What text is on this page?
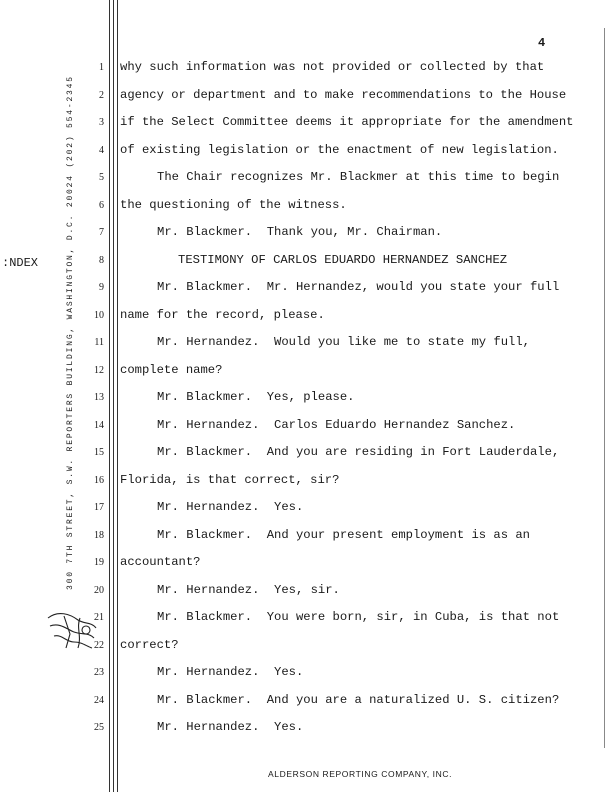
4
:NDEX	300 7TH STREET, S.W. REPORTERS BUILDING, WASHINGTON, D.C. 20024 (202) 554-2345
1 why such information was not provided or collected by that
2 agency or department and to make recommendations to the House
3 if the Select Committee deems it appropriate for the amendment
4 of existing legislation or the enactment of new legislation.
5	The Chair recognizes Mr. Blackmer at this time to begin
6 the questioning of the witness.
7	Mr. Blackmer.  Thank you, Mr. Chairman.
8	TESTIMONY OF CARLOS EDUARDO HERNANDEZ SANCHEZ
9	Mr. Blackmer.  Mr. Hernandez, would you state your full
10 name for the record, please.
11	Mr. Hernandez.  Would you like me to state my full,
12 complete name?
13	Mr. Blackmer.  Yes, please.
14	Mr. Hernandez.  Carlos Eduardo Hernandez Sanchez.
15	Mr. Blackmer.  And you are residing in Fort Lauderdale,
16 Florida, is that correct, sir?
17	Mr. Hernandez.  Yes.
18	Mr. Blackmer.  And your present employment is as an
19 accountant?
20	Mr. Hernandez.  Yes, sir.
21	Mr. Blackmer.  You were born, sir, in Cuba, is that not
22 correct?
23	Mr. Hernandez.  Yes.
24	Mr. Blackmer.  And you are a naturalized U. S. citizen?
25	Mr. Hernandez.  Yes.
ALDERSON REPORTING COMPANY, INC.
